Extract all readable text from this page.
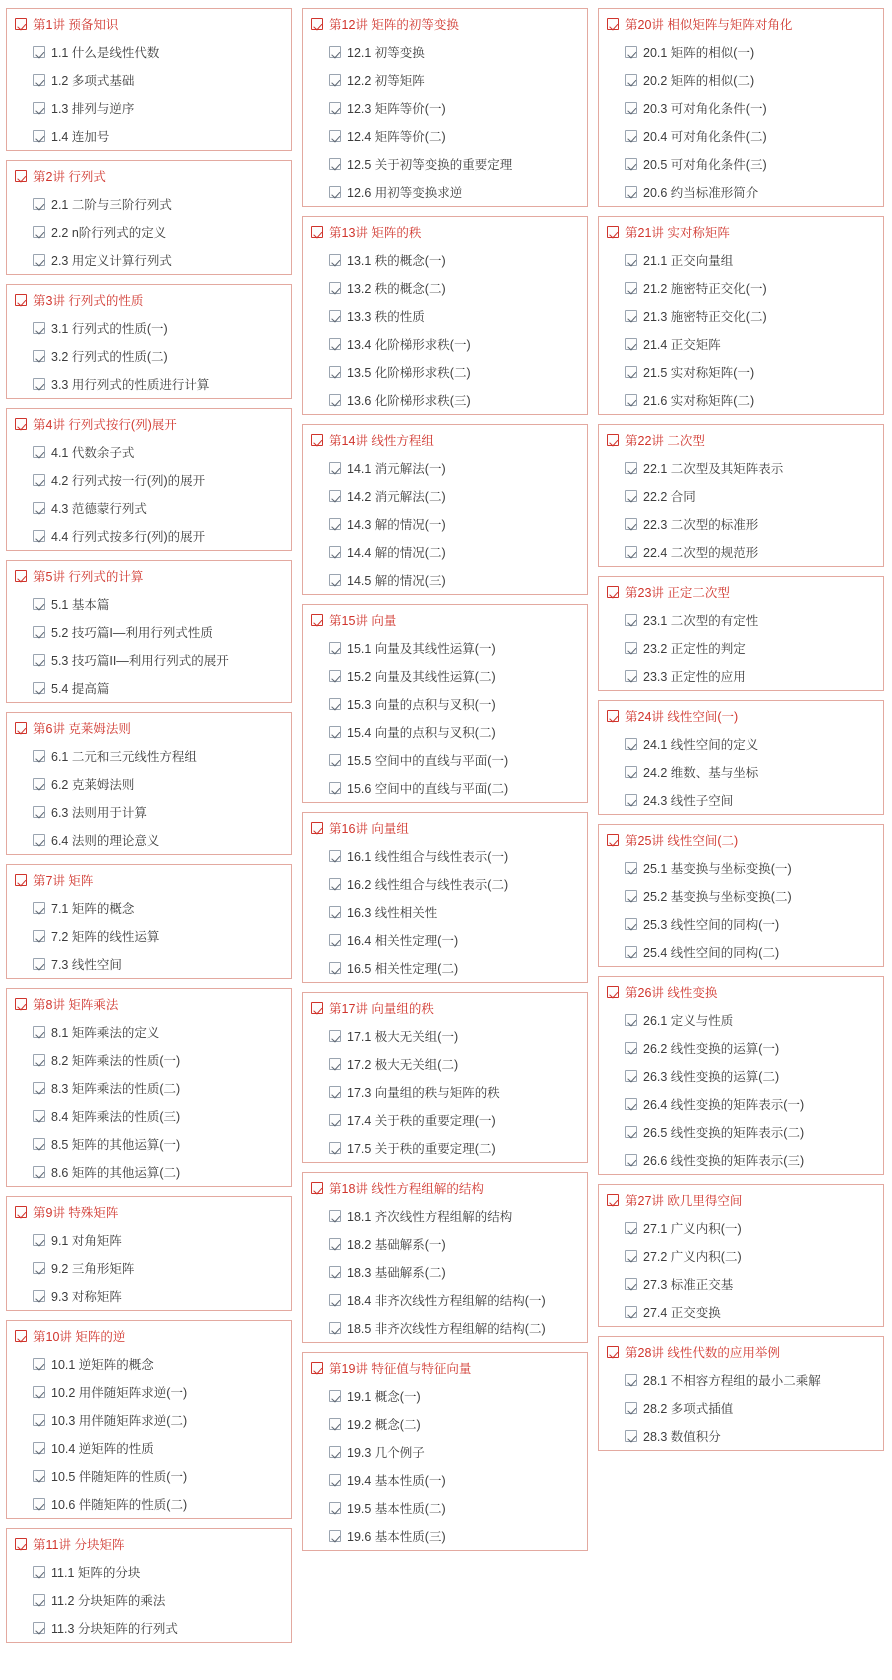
第1讲 预备知识
1.1 什么是线性代数
1.2 多项式基础
1.3 排列与逆序
1.4 连加号
第2讲 行列式
2.1 二阶与三阶行列式
2.2 n阶行列式的定义
2.3 用定义计算行列式
第3讲 行列式的性质
3.1 行列式的性质(一)
3.2 行列式的性质(二)
3.3 用行列式的性质进行计算
第4讲 行列式按行(列)展开
4.1 代数余子式
4.2 行列式按一行(列)的展开
4.3 范德蒙行列式
4.4 行列式按多行(列)的展开
第5讲 行列式的计算
5.1 基本篇
5.2 技巧篇I—利用行列式性质
5.3 技巧篇II—利用行列式的展开
5.4 提高篇
第6讲 克莱姆法则
6.1 二元和三元线性方程组
6.2 克莱姆法则
6.3 法则用于计算
6.4 法则的理论意义
第7讲 矩阵
7.1 矩阵的概念
7.2 矩阵的线性运算
7.3 线性空间
第8讲 矩阵乘法
8.1 矩阵乘法的定义
8.2 矩阵乘法的性质(一)
8.3 矩阵乘法的性质(二)
8.4 矩阵乘法的性质(三)
8.5 矩阵的其他运算(一)
8.6 矩阵的其他运算(二)
第9讲 特殊矩阵
9.1 对角矩阵
9.2 三角形矩阵
9.3 对称矩阵
第10讲 矩阵的逆
10.1 逆矩阵的概念
10.2 用伴随矩阵求逆(一)
10.3 用伴随矩阵求逆(二)
10.4 逆矩阵的性质
10.5 伴随矩阵的性质(一)
10.6 伴随矩阵的性质(二)
第11讲 分块矩阵
11.1 矩阵的分块
11.2 分块矩阵的乘法
11.3 分块矩阵的行列式
第12讲 矩阵的初等变换
12.1 初等变换
12.2 初等矩阵
12.3 矩阵等价(一)
12.4 矩阵等价(二)
12.5 关于初等变换的重要定理
12.6 用初等变换求逆
第13讲 矩阵的秩
13.1 秩的概念(一)
13.2 秩的概念(二)
13.3 秩的性质
13.4 化阶梯形求秩(一)
13.5 化阶梯形求秩(二)
13.6 化阶梯形求秩(三)
第14讲 线性方程组
14.1 消元解法(一)
14.2 消元解法(二)
14.3 解的情况(一)
14.4 解的情况(二)
14.5 解的情况(三)
第15讲 向量
15.1 向量及其线性运算(一)
15.2 向量及其线性运算(二)
15.3 向量的点积与叉积(一)
15.4 向量的点积与叉积(二)
15.5 空间中的直线与平面(一)
15.6 空间中的直线与平面(二)
第16讲 向量组
16.1 线性组合与线性表示(一)
16.2 线性组合与线性表示(二)
16.3 线性相关性
16.4 相关性定理(一)
16.5 相关性定理(二)
第17讲 向量组的秩
17.1 极大无关组(一)
17.2 极大无关组(二)
17.3 向量组的秩与矩阵的秩
17.4 关于秩的重要定理(一)
17.5 关于秩的重要定理(二)
第18讲 线性方程组解的结构
18.1 齐次线性方程组解的结构
18.2 基础解系(一)
18.3 基础解系(二)
18.4 非齐次线性方程组解的结构(一)
18.5 非齐次线性方程组解的结构(二)
第19讲 特征值与特征向量
19.1 概念(一)
19.2 概念(二)
19.3 几个例子
19.4 基本性质(一)
19.5 基本性质(二)
19.6 基本性质(三)
第20讲 相似矩阵与矩阵对角化
20.1 矩阵的相似(一)
20.2 矩阵的相似(二)
20.3 可对角化条件(一)
20.4 可对角化条件(二)
20.5 可对角化条件(三)
20.6 约当标准形简介
第21讲 实对称矩阵
21.1 正交向量组
21.2 施密特正交化(一)
21.3 施密特正交化(二)
21.4 正交矩阵
21.5 实对称矩阵(一)
21.6 实对称矩阵(二)
第22讲 二次型
22.1 二次型及其矩阵表示
22.2 合同
22.3 二次型的标准形
22.4 二次型的规范形
第23讲 正定二次型
23.1 二次型的有定性
23.2 正定性的判定
23.3 正定性的应用
第24讲 线性空间(一)
24.1 线性空间的定义
24.2 维数、基与坐标
24.3 线性子空间
第25讲 线性空间(二)
25.1 基变换与坐标变换(一)
25.2 基变换与坐标变换(二)
25.3 线性空间的同构(一)
25.4 线性空间的同构(二)
第26讲 线性变换
26.1 定义与性质
26.2 线性变换的运算(一)
26.3 线性变换的运算(二)
26.4 线性变换的矩阵表示(一)
26.5 线性变换的矩阵表示(二)
26.6 线性变换的矩阵表示(三)
第27讲 欧几里得空间
27.1 广义内积(一)
27.2 广义内积(二)
27.3 标准正交基
27.4 正交变换
第28讲 线性代数的应用举例
28.1 不相容方程组的最小二乘解
28.2 多项式插值
28.3 数值积分
